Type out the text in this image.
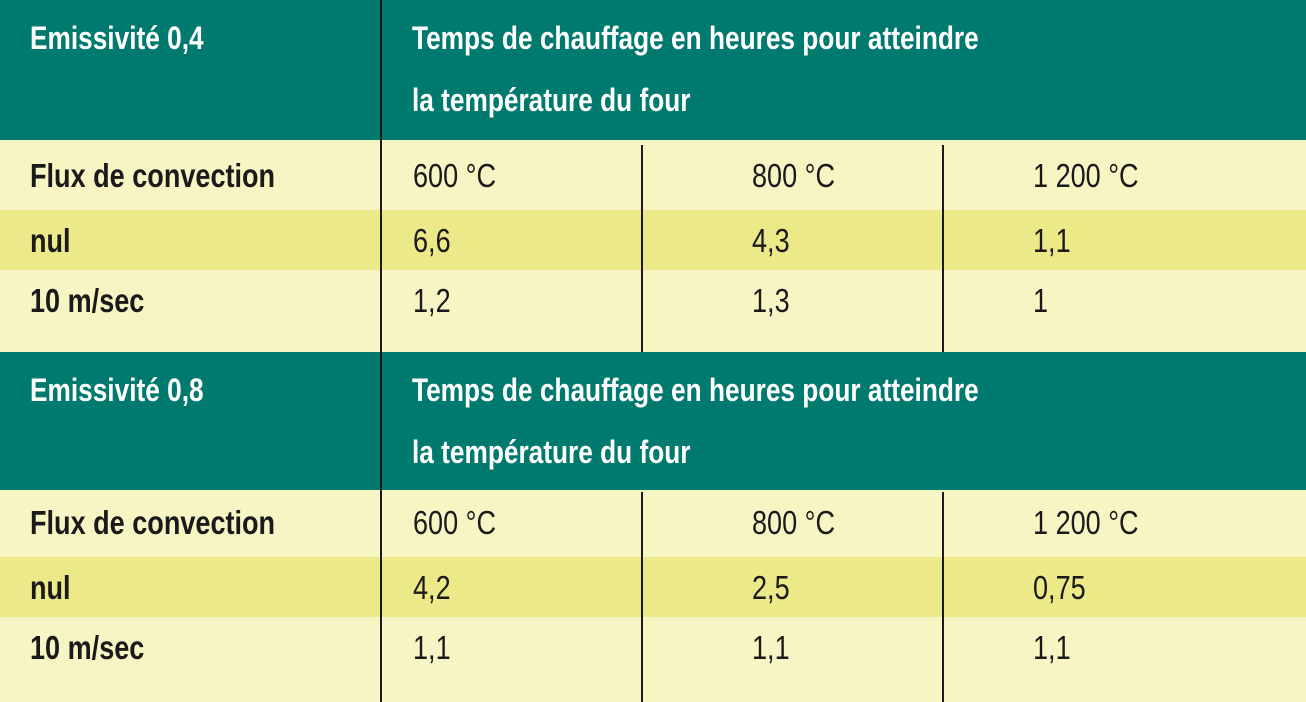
Emissivité 0,4	Temps de chauffage en heures pour atteindre
la température du four
Flux de convection	600 °C	800 °C	1 200 °C
nul	6,6	4,3	1,1
10 m/sec	1,2	1,3	1
Emissivité 0,8	Temps de chauffage en heures pour atteindre
la température du four
Flux de convection	600 °C	800 °C	1 200 °C
nul	4,2	2,5	0,75
10 m/sec	1,1	1,1	1,1
